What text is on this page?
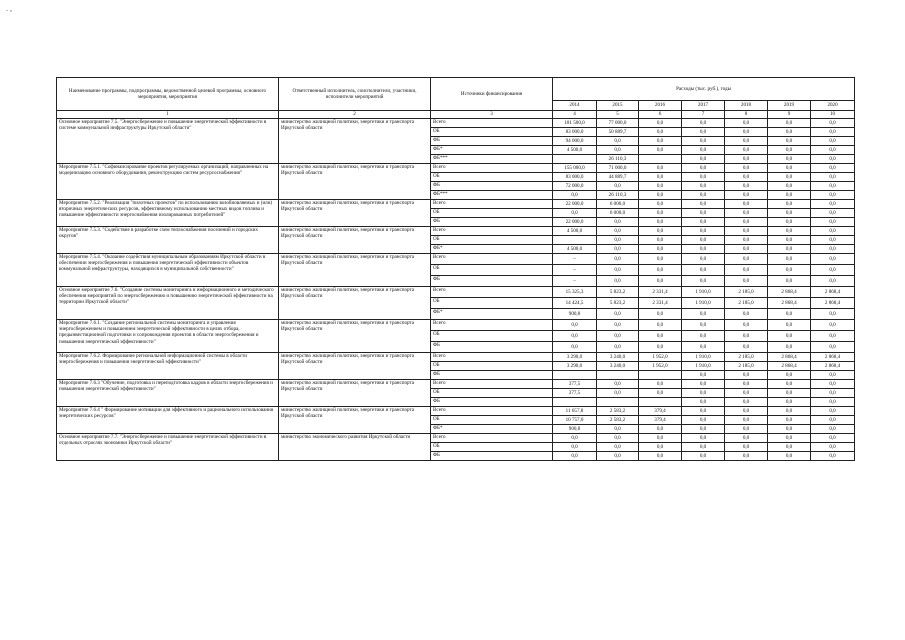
. ,
Наименование программы, подпрограммы, ведомственной целевой программы, основного мероприятия, мероприятия	Ответственный исполнитель, соисполнители, участники, исполнители мероприятий	Источники финансирования	Расходы (тыс. руб.), годы						
			2014	2015	2016	2017	2018	2019	2020
1	2	3	4	5	6	7	8	9	10
Основное мероприятие 7.5. "Энергосбережение и повышение энергетической эффективности в системе коммунальной инфраструктуры Иркутской области"	министерство жилищной политики, энергетики и транспорта Иркутской области	Всего	181 500,0	77 000,0	0,0	0,0	0,0	0,0	0,0
		ОБ	83 000,0	50 889,7	0,0	0,0	0,0	0,0	0,0
		ФБ	94 000,0	0,0	0,0	0,0	0,0	0,0	0,0
		ФБ*	4 500,0	0,0	0,0	0,0	0,0	0,0	0,0
		ФБ***		26 110,3		0,0	0,0	0,0	0,0
Мероприятие 7.5.1. "Софинансирование проектов регулируемых организаций, направленных на модернизацию основного оборудования, реконструкцию систем ресурсоснабжения"	министерство жилищной политики, энергетики и транспорта Иркутской области	Всего	155 000,0	71 000,0	0,0	0,0	0,0	0,0	0,0
		ОБ	83 000,0	44 889,7	0,0	0,0	0,0	0,0	0,0
		ФБ	72 000,0	0,0	0,0	0,0	0,0	0,0	0,0
		ФБ***	0,0	26 110,3	0,0	0,0	0,0	0,0	0,0
Мероприятие 7.5.2. "Реализация "пилотных проектов" по использованию возобновляемых и (или) вторичных энергетических ресурсов, эффективному использованию местных видов топлива и повышение эффективности энергоснабжения изолированных потребителей"	министерство жилищной политики, энергетики и транспорта Иркутской области	Всего	22 000,0	6 000,0	0,0	0,0	0,0	0,0	0,0
		ОБ	0,0	6 000,0	0,0	0,0	0,0	0,0	0,0
		ФБ	22 000,0	0,0	0,0	0,0	0,0	0,0	0,0
Мероприятие 7.5.3. "Содействие в разработке схем теплоснабжения поселений и городских округов"	министерство жилищной политики, энергетики и транспорта Иркутской области	Всего	4 500,0	0,0	0,0	0,0	0,0	0,0	0,0
		ОБ		0,0	0,0	0,0	0,0	0,0	0,0
		ФБ*	4 500,0	0,0	0,0	0,0	0,0	0,0	0,0
Мероприятие 7.5.4. "Оказание содействия муниципальным образованиям Иркутской области в обеспечении энергосбережения и повышения энергетической эффективности объектов коммунальной инфраструктуры, находящихся в муниципальной собственности"	министерство жилищной политики, энергетики и транспорта Иркутской области	Всего	–	0,0	0,0	0,0	0,0	0,0	0,0
		ОБ	–	0,0	0,0	0,0	0,0	0,0	0,0
		ФБ	–	0,0	0,0	0,0	0,0	0,0	0,0
Основное мероприятие 7.6. "Создание системы мониторинга и информационного и методического обеспечения мероприятий по энергосбережению и повышению энергетической эффективности на территории Иркутской области"	министерство жилищной политики, энергетики и транспорта Иркутской области	Всего	15 325,3	5 823,2	2 331,4	1 910,0	2 185,0	2 868,4	2 868,4
		ОБ	14 424,5	5 823,2	2 331,4	1 910,0	2 185,0	2 868,4	2 868,4
		ФБ*	900,8	0,0	0,0	0,0	0,0	0,0	0,0
Мероприятие 7.6.1. "Создание региональной системы мониторинга и управления энергосбережением и повышением энергетической эффективности в целях отбора, предынвестиционной подготовки и сопровождения проектов в области энергосбережения и повышения энергетической эффективности"	министерство жилищной политики, энергетики и транспорта Иркутской области	Всего	0,0	0,0	0,0	0,0	0,0	0,0	0,0
		ОБ	0,0	0,0	0,0	0,0	0,0	0,0	0,0
		ФБ	0,0	0,0	0,0	0,0	0,0	0,0	0,0
Мероприятие 7.6.2. Формирование региональной информационной системы в области энергосбережения и повышения энергетической эффективности"	министерство жилищной политики, энергетики и транспорта Иркутской области	Всего	3 290,0	3 240,0	1 952,0	1 910,0	2 185,0	2 868,4	2 868,4
		ОБ	3 290,0	3 240,0	1 952,0	1 910,0	2 185,0	2 868,4	2 868,4
		ФБ				0,0	0,0	0,0	0,0
Мероприятие 7.6.3 "Обучение, подготовка и переподготовка кадров в области энергосбережения и повышения энергетической эффективности"	министерство жилищной политики, энергетики и транспорта Иркутской области	Всего	377,5	0,0	0,0	0,0	0,0	0,0	0,0
		ОБ	377,5	0,0	0,0	0,0	0,0	0,0	0,0
		ФБ				0,0	0,0	0,0	0,0
Мероприятие 7.6.4 " Формирование мотивации для эффективного и рационального использования энергетических ресурсов"	министерство жилищной политики, энергетики и транспорта Иркутской области	Всего	11 657,8	2 583,2	379,4	0,0	0,0	0,0	0,0
		ОБ	10 757,0	2 583,2	379,4	0,0	0,0	0,0	0,0
		ФБ*	900,8	0,0	0,0	0,0	0,0	0,0	0,0
Основное мероприятие 7.7. "Энергосбережение и повышение энергетической эффективности в отдельных отраслях экономики Иркутской области"	министерство экономического развития Иркутской области	Всего	0,0	0,0	0,0	0,0	0,0	0,0	0,0
		ОБ	0,0	0,0	0,0	0,0	0,0	0,0	0,0
		ФБ	0,0	0,0	0,0	0,0	0,0	0,0	0,0
